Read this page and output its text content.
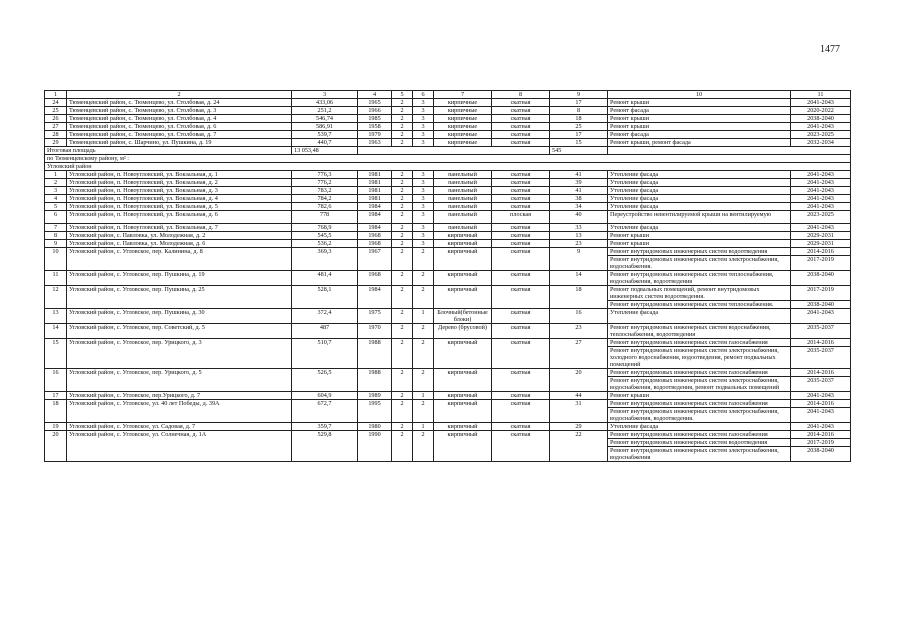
1477
1	2	3	4	5	6	7	8	9	10	11
24	Тюменцевский район, с. Тюменцево, ул. Столбовая, д. 24	433,06	1965	2	3	кирпичные	скатная	17	Ремонт крыши	2041-2043
25	Тюменцевский район, с. Тюменцево, ул. Столбовая, д. 3	251,2	1966	2	3	кирпичные	скатная	8	Ремонт фасада	2020-2022
26	Тюменцевский район, с. Тюменцево, ул. Столбовая, д. 4	546,74	1985	2	3	кирпичные	скатная	18	Ремонт крыши	2038-2040
27	Тюменцевский район, с. Тюменцево, ул. Столбовая, д. 6	586,91	1958	2	3	кирпичные	скатная	25	Ремонт крыши	2041-2043
28	Тюменцевский район, с. Тюменцево, ул. Столбовая, д. 7	539,7	1979	2	3	кирпичные	скатная	17	Ремонт фасада	2023-2025
29	Тюменцевский район, с. Шарчино, ул. Пушкина, д. 19	440,7	1963	2	3	кирпичные	скатная	15	Ремонт крыши, ремонт фасада	2032-2034
Итоговая площадь		13 053,48						545		
по Тюменцевскому району, м² :										
Угловский район										
1	Угловский район, п. Новоугловский, ул. Вокзальная, д. 1	776,3	1981	2	3	панельный	скатная	41	Утепление фасада	2041-2043
2	Угловский район, п. Новоугловский, ул. Вокзальная, д. 2	776,2	1981	2	3	панельный	скатная	39	Утепление фасада	2041-2043
3	Угловский район, п. Новоугловский, ул. Вокзальная, д. 3	783,2	1981	2	3	панельный	скатная	41	Утепление фасада	2041-2043
4	Угловский район, п. Новоугловский, ул. Вокзальная, д. 4	784,2	1981	2	3	панельный	скатная	38	Утепление фасада	2041-2043
5	Угловский район, п. Новоугловский, ул. Вокзальная, д. 5	782,6	1984	2	3	панельный	скатная	34	Утепление фасада	2041-2043
6	Угловский район, п. Новоугловский, ул. Вокзальная, д. 6	778	1984	2	3	панельный	плоская	40	Переустройство невентилируемой крыши на вентилируемую	2023-2025
7	Угловский район, п. Новоугловский, ул. Вокзальная, д. 7	768,9	1984	2	3	панельный	скатная	33	Утепление фасада	2041-2043
8	Угловский район, с. Павловка, ул. Молодежная, д. 2	545,5	1968	2	3	кирпичный	скатная	13	Ремонт крыши	2029-2031
9	Угловский район, с. Павловка, ул. Молодежная, д. 6	536,2	1968	2	3	кирпичный	скатная	23	Ремонт крыши	2029-2031
10	Угловский район, с. Угловское, пер. Калинина, д. 8	369,3	1967	2	2	кирпичный	скатная	9	Ремонт внутридомовых инженерных систем водоотведения	2014-2016
									Ремонт внутридомовых инженерных систем электроснабжения, водоснабжения.	2017-2019
11	Угловский район, с. Угловское, пер. Пушкина, д. 19	481,4	1968	2	2	кирпичный	скатная	14	Ремонт внутридомовых инженерных систем теплоснабжения, водоснабжения, водоотведения	2038-2040
12	Угловский район, с. Угловское, пер. Пушкина, д. 25	528,1	1984	2	2	кирпичный	скатная	18	Ремонт подвальных помещений, ремонт внутридомовых инженерных систем водоотведения.	2017-2019
									Ремонт внутридомовых инженерных систем теплоснабжения.	2038-2040
13	Угловский район, с. Угловское, пер. Пушкина, д. 30	372,4	1975	2	1	Блочный(бетонные блоки)	скатная	16	Утепление фасада	2041-2043
14	Угловский район, с. Угловское, пер. Советский, д. 5	487	1970	2	2	Дерево (брусовой)	скатная	23	Ремонт внутридомовых инженерных систем водоснабжения, теплоснабжения, водоотведения	2035-2037
15	Угловский район, с. Угловское, пер. Урицкого, д. 3	510,7	1988	2	2	кирпичный	скатная	27	Ремонт внутридомовых инженерных систем газоснабжения	2014-2016
									Ремонт внутридомовых инженерных систем электроснабжения, холодного водоснабжения, водоотведения, ремонт подвальных помещений	2035-2037
16	Угловский район, с. Угловское, пер. Урицкого, д. 5	526,5	1988	2	2	кирпичный	скатная	20	Ремонт внутридомовых инженерных систем газоснабжения	2014-2016
									Ремонт внутридомовых инженерных систем электроснабжения, водоснабжения, водоотведения, ремонт подвальных помещений	2035-2037
17	Угловский район, с. Угловское, пер.Урицкого, д. 7	604,9	1989	2	1	кирпичный	скатная	44	Ремонт крыши	2041-2043
18	Угловский район, с. Угловское, ул. 40 лет Победы, д. 39А	672,7	1995	2	2	кирпичный	скатная	31	Ремонт внутридомовых инженерных систем газоснабжения	2014-2016
									Ремонт внутридомовых инженерных систем электроснабжения, водоснабжения, водоотведения.	2041-2043
19	Угловский район, с. Угловское, ул. Садовая, д. 7	359,7	1980	2	1	кирпичный	скатная	29	Утепление фасада	2041-2043
20	Угловский район, с. Угловское, ул. Солнечная, д. 1А	529,8	1990	2	2	кирпичный	скатная	22	Ремонт внутридомовых инженерных систем газоснабжения	2014-2016
									Ремонт внутридомовых инженерных систем водоотведения	2017-2019
									Ремонт внутридомовых инженерных систем электроснабжения, водоснабжения	2038-2040
